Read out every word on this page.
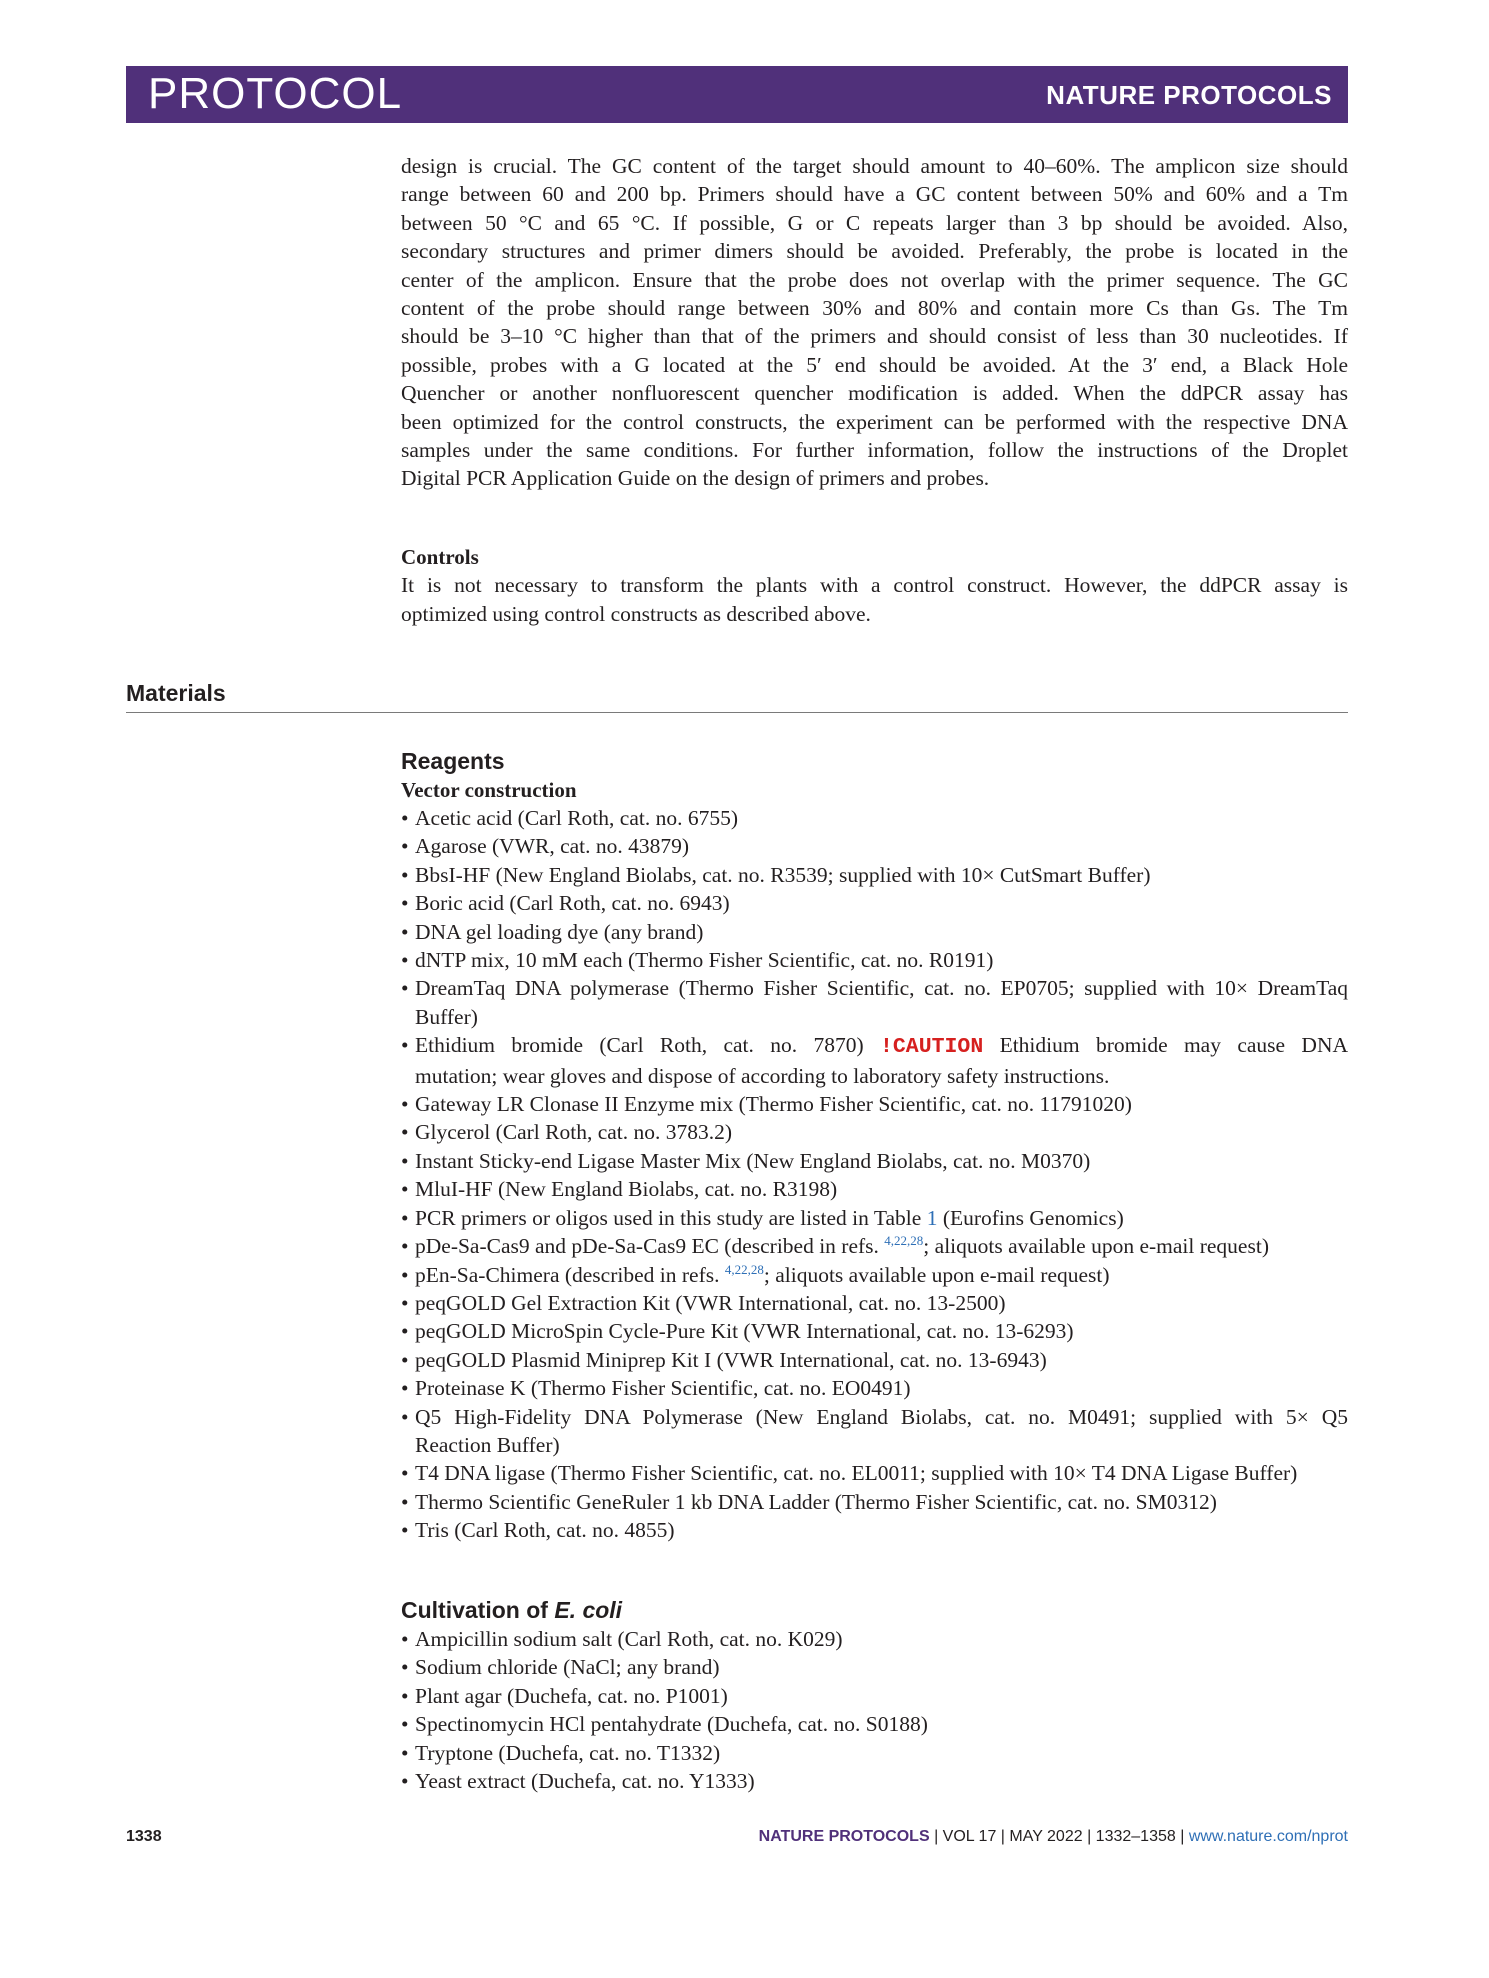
PROTOCOL	NATURE PROTOCOLS

design is crucial. The GC content of the target should amount to 40–60%. The amplicon size should
range between 60 and 200 bp. Primers should have a GC content between 50% and 60% and a Tm
between 50 °C and 65 °C. If possible, G or C repeats larger than 3 bp should be avoided. Also,
secondary structures and primer dimers should be avoided. Preferably, the probe is located in the
center of the amplicon. Ensure that the probe does not overlap with the primer sequence. The GC
content of the probe should range between 30% and 80% and contain more Cs than Gs. The Tm
should be 3–10 °C higher than that of the primers and should consist of less than 30 nucleotides. If
possible, probes with a G located at the 5′ end should be avoided. At the 3′ end, a Black Hole
Quencher or another nonfluorescent quencher modification is added. When the ddPCR assay has
been optimized for the control constructs, the experiment can be performed with the respective DNA
samples under the same conditions. For further information, follow the instructions of the Droplet
Digital PCR Application Guide on the design of primers and probes.

Controls

It is not necessary to transform the plants with a control construct. However, the ddPCR assay is
optimized using control constructs as described above.

Materials
Reagents
Vector construction
• Acetic acid (Carl Roth, cat. no. 6755)
• Agarose (VWR, cat. no. 43879)
• BbsI-HF (New England Biolabs, cat. no. R3539; supplied with 10× CutSmart Buffer)
• Boric acid (Carl Roth, cat. no. 6943)
• DNA gel loading dye (any brand)
• dNTP mix, 10 mM each (Thermo Fisher Scientific, cat. no. R0191)
• DreamTaq DNA polymerase (Thermo Fisher Scientific, cat. no. EP0705; supplied with 10× DreamTaq
Buffer)
• Ethidium bromide (Carl Roth, cat. no. 7870) !CAUTION Ethidium bromide may cause DNA
mutation; wear gloves and dispose of according to laboratory safety instructions.
• Gateway LR Clonase II Enzyme mix (Thermo Fisher Scientific, cat. no. 11791020)
• Glycerol (Carl Roth, cat. no. 3783.2)
• Instant Sticky-end Ligase Master Mix (New England Biolabs, cat. no. M0370)
• MluI-HF (New England Biolabs, cat. no. R3198)
• PCR primers or oligos used in this study are listed in Table 1 (Eurofins Genomics)
• pDe-Sa-Cas9 and pDe-Sa-Cas9 EC (described in refs. $^{4,22,28}$; aliquots available upon e-mail request)
• pEn-Sa-Chimera (described in refs. $^{4,22,28}$; aliquots available upon e-mail request)
• peqGOLD Gel Extraction Kit (VWR International, cat. no. 13-2500)
• peqGOLD MicroSpin Cycle-Pure Kit (VWR International, cat. no. 13-6293)
• peqGOLD Plasmid Miniprep Kit I (VWR International, cat. no. 13-6943)
• Proteinase K (Thermo Fisher Scientific, cat. no. EO0491)
• Q5 High-Fidelity DNA Polymerase (New England Biolabs, cat. no. M0491; supplied with 5× Q5
Reaction Buffer)
• T4 DNA ligase (Thermo Fisher Scientific, cat. no. EL0011; supplied with 10× T4 DNA Ligase Buffer)
• Thermo Scientific GeneRuler 1 kb DNA Ladder (Thermo Fisher Scientific, cat. no. SM0312)
• Tris (Carl Roth, cat. no. 4855)
Cultivation of E. coli
• Ampicillin sodium salt (Carl Roth, cat. no. K029)
• Sodium chloride (NaCl; any brand)
• Plant agar (Duchefa, cat. no. P1001)
• Spectinomycin HCl pentahydrate (Duchefa, cat. no. S0188)
• Tryptone (Duchefa, cat. no. T1332)
• Yeast extract (Duchefa, cat. no. Y1333)
1338	NATURE PROTOCOLS | VOL 17 | MAY 2022 | 1332–1358 | www.nature.com/nprot
